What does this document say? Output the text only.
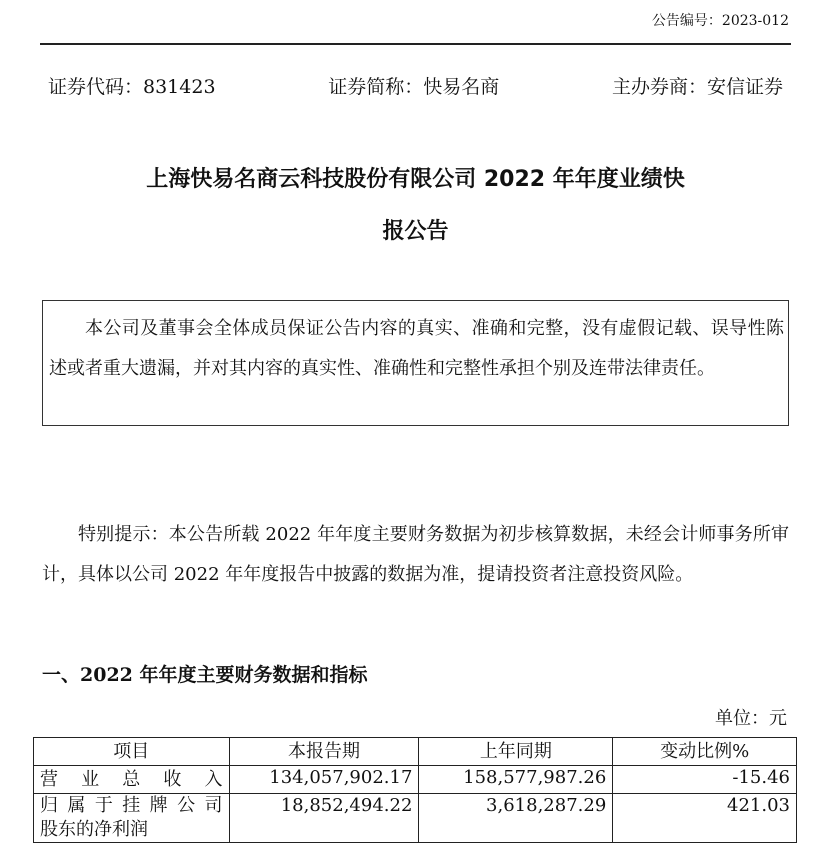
公告编号：2023-012
证券代码：831423	证券简称：快易名商	主办券商：安信证券
上海快易名商云科技股份有限公司 2022 年年度业绩快
报公告
本公司及董事会全体成员保证公告内容的真实、准确和完整，没有虚假记载、误导性陈述或者重大遗漏，并对其内容的真实性、准确性和完整性承担个别及连带法律责任。
特别提示：本公告所载 2022 年年度主要财务数据为初步核算数据，未经会计师事务所审计，具体以公司 2022 年年度报告中披露的数据为准，提请投资者注意投资风险。
一、2022 年年度主要财务数据和指标
单位：元
项目	本报告期	上年同期	变动比例%
营业总收入	134,057,902.17	158,577,987.26	-15.46

归属于挂牌公司
股东的净利润	18,852,494.22	3,618,287.29	421.03
